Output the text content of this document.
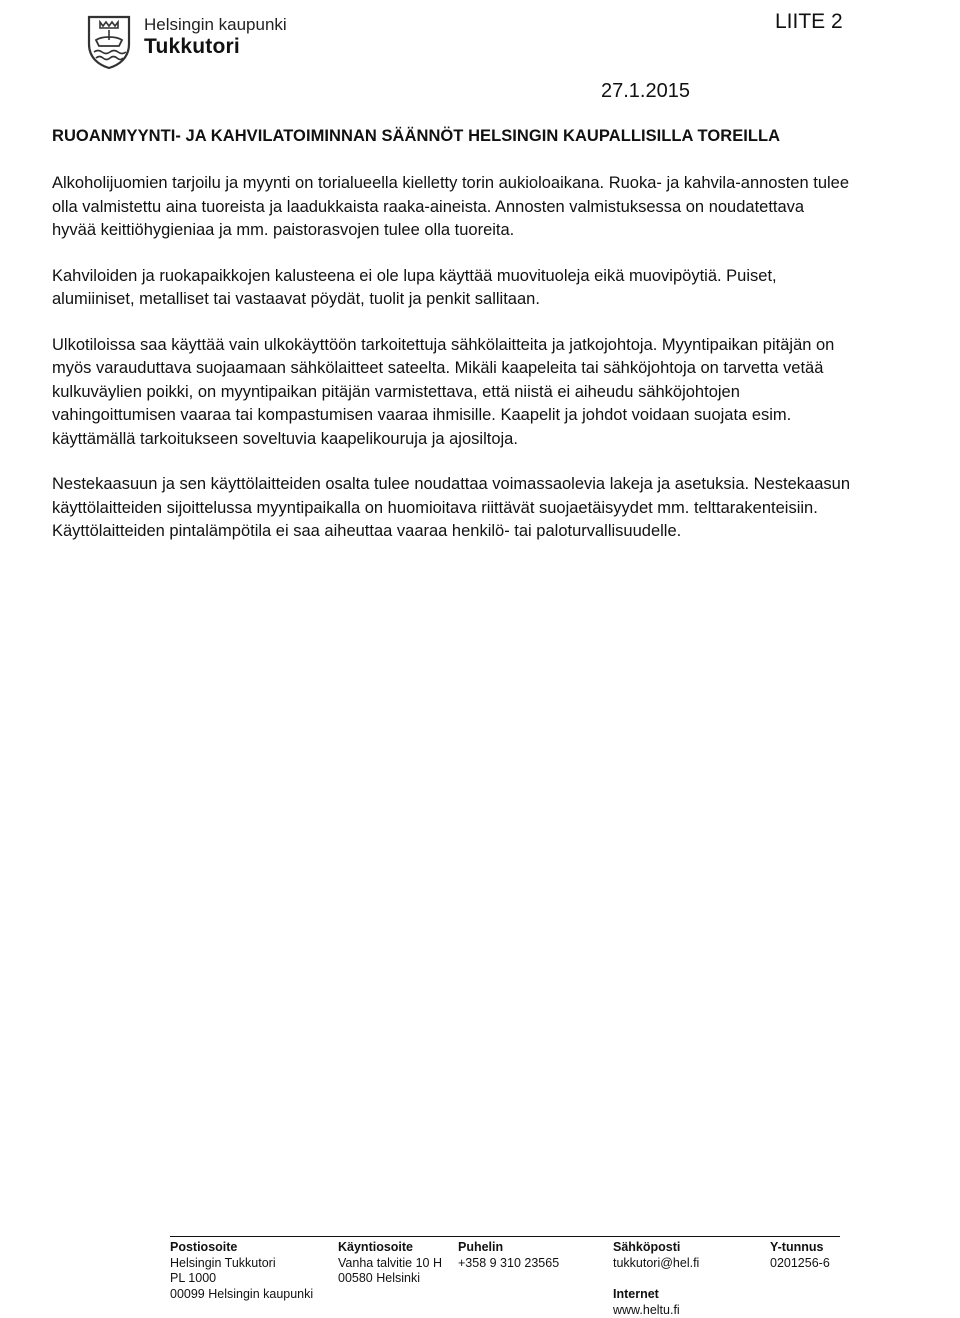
Helsingin kaupunki
Tukkutori
LIITE 2
27.1.2015
RUOANMYYNTI- JA KAHVILATOIMINNAN SÄÄNNÖT HELSINGIN KAUPALLISILLA TOREILLA

Alkoholijuomien tarjoilu ja myynti on torialueella kielletty torin aukioloaikana. Ruoka- ja kahvila-annosten tulee olla valmistettu aina tuoreista ja laadukkaista raaka-aineista. Annosten valmistuksessa on noudatettava hyvää keittiöhygieniaa ja mm. paistorasvojen tulee olla tuoreita.

Kahviloiden ja ruokapaikkojen kalusteena ei ole lupa käyttää muovituoleja eikä muovipöytiä. Puiset, alumiiniset, metalliset tai vastaavat pöydät, tuolit ja penkit sallitaan.

Ulkotiloissa saa käyttää vain ulkokäyttöön tarkoitettuja sähkölaitteita ja jatkojohtoja. Myyntipaikan pitäjän on myös varauduttava suojaamaan sähkölaitteet sateelta. Mikäli kaapeleita tai sähköjohtoja on tarvetta vetää kulkuväylien poikki, on myyntipaikan pitäjän varmistettava, että niistä ei aiheudu sähköjohtojen vahingoittumisen vaaraa tai kompastumisen vaaraa ihmisille. Kaapelit ja johdot voidaan suojata esim. käyttämällä tarkoitukseen soveltuvia kaapelikouruja ja ajosiltoja.

Nestekaasuun ja sen käyttölaitteiden osalta tulee noudattaa voimassaolevia lakeja ja asetuksia. Nestekaasun käyttölaitteiden sijoittelussa myyntipaikalla on huomioitava riittävät suojaetäisyydet mm. telttarakenteisiin. Käyttölaitteiden pintalämpötila ei saa aiheuttaa vaaraa henkilö- tai paloturvallisuudelle.

Postiosoite
Helsingin Tukkutori
PL 1000
00099 Helsingin kaupunki
Käyntiosoite
Vanha talvitie 10 H
00580 Helsinki
Puhelin
+358 9 310 23565
Sähköposti
tukkutori@hel.fi
Internet
www.heltu.fi
Y-tunnus
0201256-6
